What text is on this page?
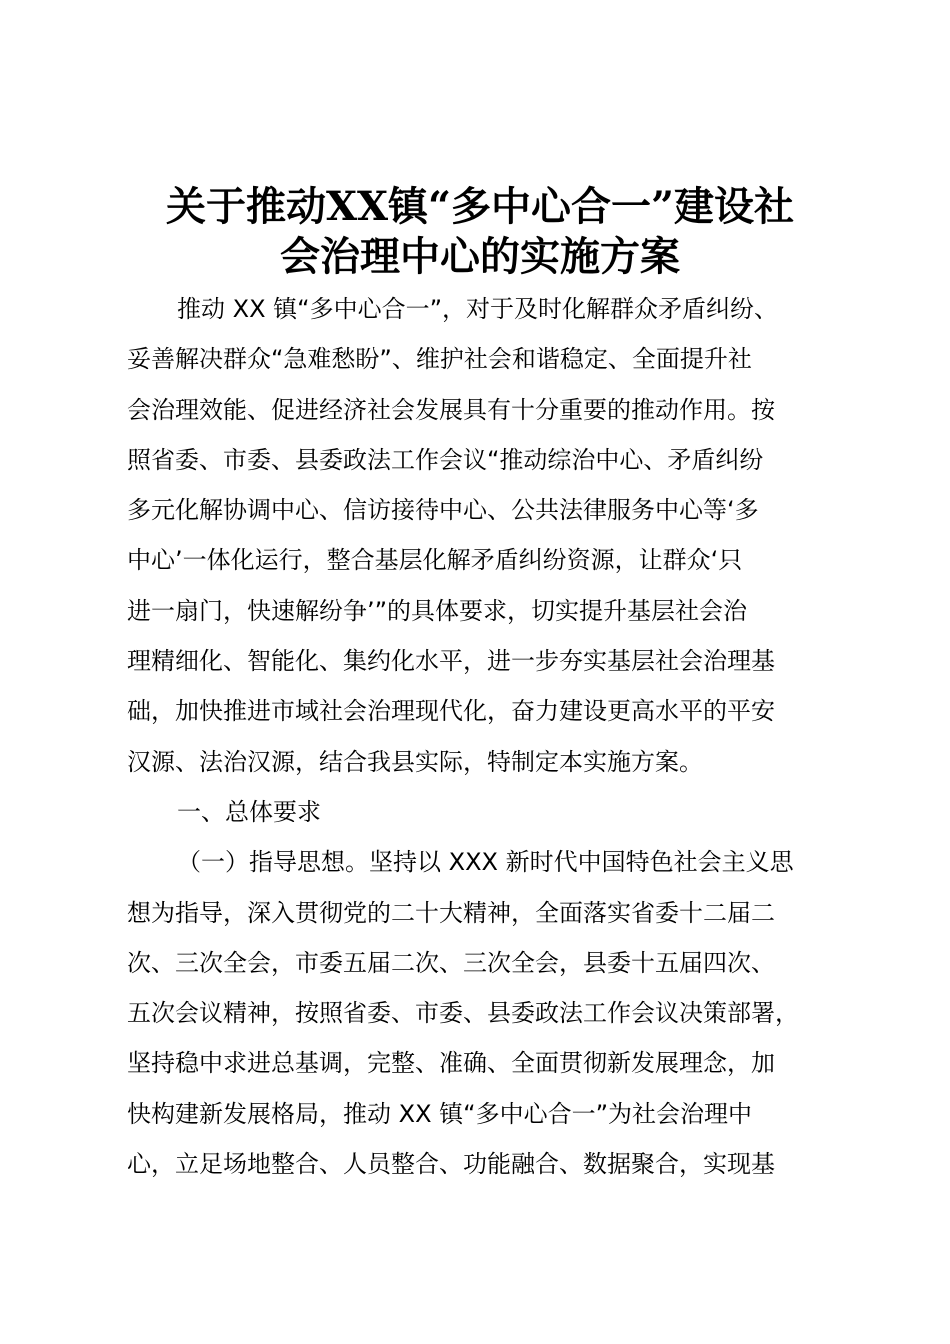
关于推动XX镇“多中心合一”建设社
会治理中心的实施方案
推动 XX 镇“多中心合一”，对于及时化解群众矛盾纠纷、
妥善解决群众“急难愁盼”、维护社会和谐稳定、全面提升社
会治理效能、促进经济社会发展具有十分重要的推动作用。按
照省委、市委、县委政法工作会议“推动综治中心、矛盾纠纷
多元化解协调中心、信访接待中心、公共法律服务中心等‘多
中心’一体化运行，整合基层化解矛盾纠纷资源，让群众‘只
进一扇门，快速解纷争’”的具体要求，切实提升基层社会治
理精细化、智能化、集约化水平，进一步夯实基层社会治理基
础，加快推进市域社会治理现代化，奋力建设更高水平的平安
汉源、法治汉源，结合我县实际，特制定本实施方案。
一、总体要求
（一）指导思想。坚持以 XXX 新时代中国特色社会主义思
想为指导，深入贯彻党的二十大精神，全面落实省委十二届二
次、三次全会，市委五届二次、三次全会，县委十五届四次、
五次会议精神，按照省委、市委、县委政法工作会议决策部署，
坚持稳中求进总基调，完整、准确、全面贯彻新发展理念，加
快构建新发展格局，推动 XX 镇“多中心合一”为社会治理中
心，立足场地整合、人员整合、功能融合、数据聚合，实现基
